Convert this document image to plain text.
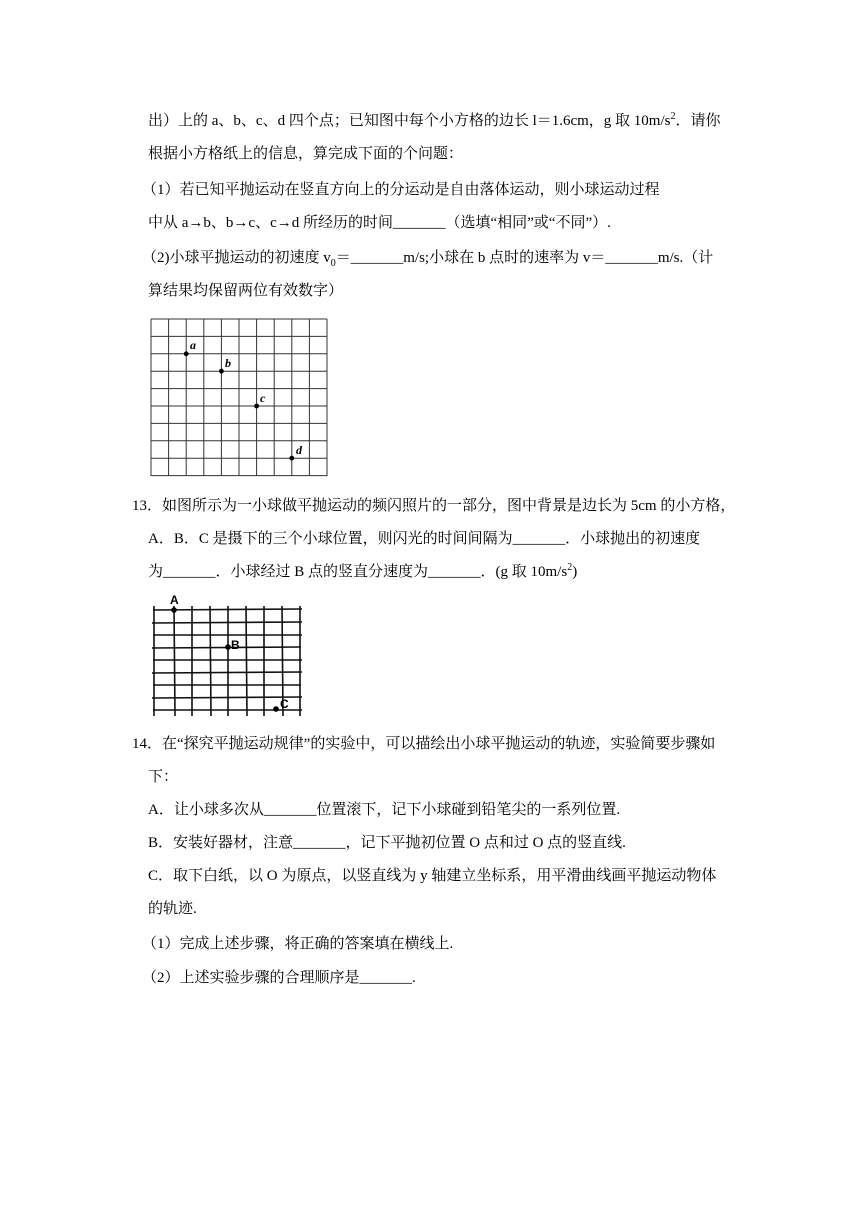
出）上的 a、b、c、d 四个点；已知图中每个小方格的边长 l＝1.6cm，g 取 $10m/s^2$．请你
根据小方格纸上的信息，算完成下面的个问题：
（1）若已知平抛运动在竖直方向上的分运动是自由落体运动，则小球运动过程
中从 a→b、b→c、c→d 所经历的时间_______（选填“相同”或“不同”）.
（2)小球平抛运动的初速度 $v_0=\_\_\_\_\_\_\_m/s$;小球在 b 点时的速率为 v＝_______m/s.（计
算结果均保留两位有效数字）
a
b
c
d
13．如图所示为一小球做平抛运动的频闪照片的一部分，图中背景是边长为 5cm 的小方格，
A．B．C 是摄下的三个小球位置，则闪光的时间间隔为_______．小球抛出的初速度
为_______．小球经过 B 点的竖直分速度为_______．(g 取 $10m/s^2$)
A
B
C
14．在“探究平抛运动规律”的实验中，可以描绘出小球平抛运动的轨迹，实验简要步骤如
下：
A．让小球多次从_______位置滚下，记下小球碰到铅笔尖的一系列位置.
B．安装好器材，注意_______，记下平抛初位置 O 点和过 O 点的竖直线.
C．取下白纸，以 O 为原点，以竖直线为 y 轴建立坐标系，用平滑曲线画平抛运动物体
的轨迹.
（1）完成上述步骤，将正确的答案填在横线上.
（2）上述实验步骤的合理顺序是_______.
